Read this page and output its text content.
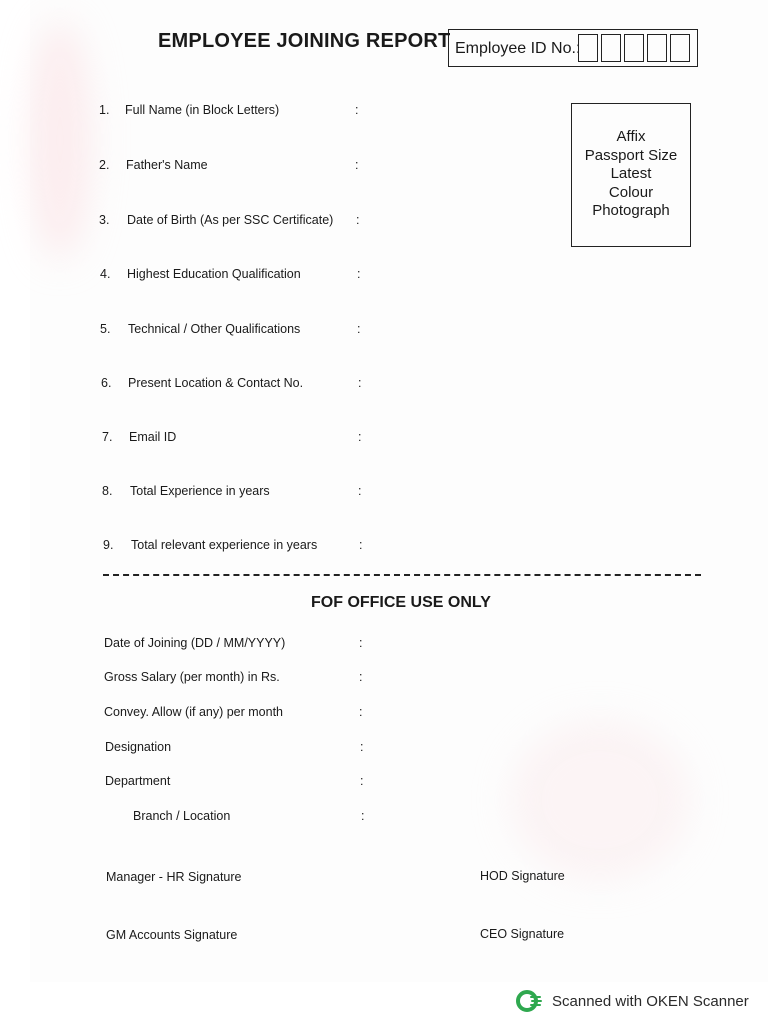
EMPLOYEE JOINING REPORT Employee ID No.:
Affix
Passport Size
Latest
Colour
Photograph
1. Full Name (in Block Letters)	:
2. Father's Name	:
3. Date of Birth (As per SSC Certificate) :
4. Highest Education Qualification	:
5. Technical / Other Qualifications	:
6. Present Location & Contact No.	:
7. Email ID	:
8. Total Experience in years	:
9. Total relevant experience in years	:
FOF OFFICE USE ONLY
Date of Joining (DD / MM/YYYY)	:
Gross Salary (per month) in Rs.	:
Convey. Allow (if any) per month	:
Designation	:
Department	:
Branch / Location	:
Manager - HR Signature	HOD Signature
GM Accounts Signature	CEO Signature
Scanned with OKEN Scanner
